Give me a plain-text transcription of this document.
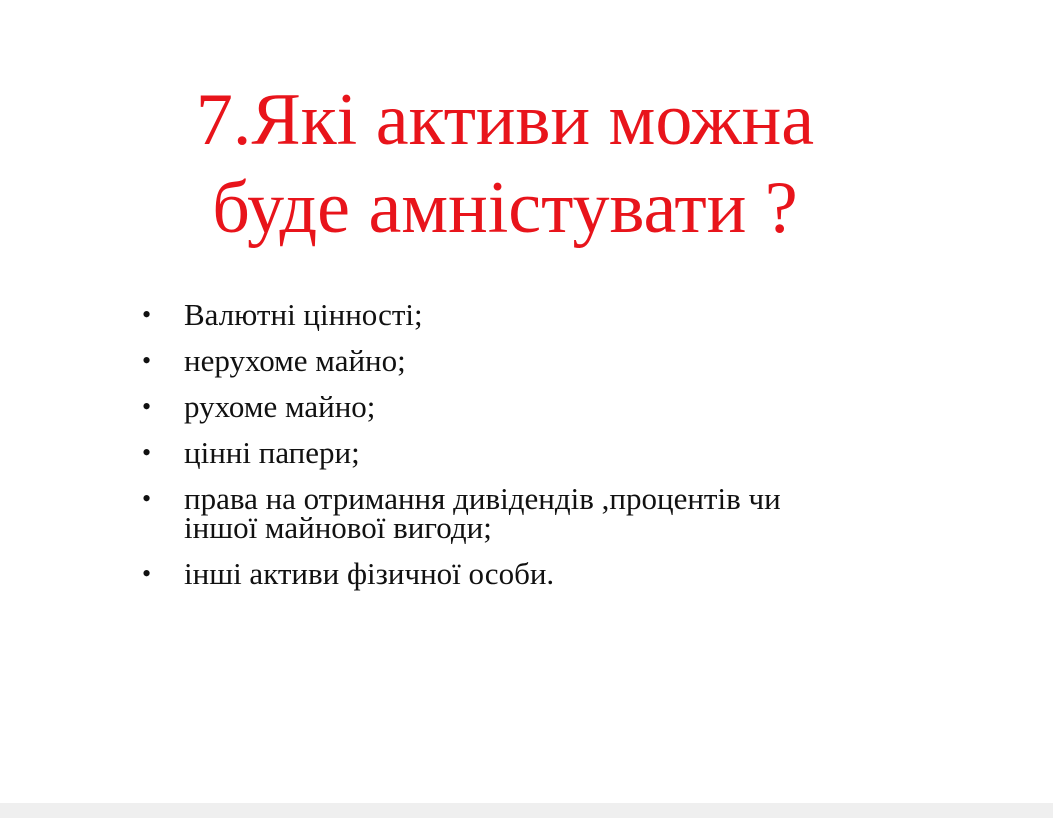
7.Які активи можна
буде амністувати ?
• Валютні цінності;
• нерухоме майно;
• рухоме майно;
• цінні папери;
• права на отримання дивідендів ,процентів чи
іншої майнової вигоди;
• інші активи фізичної особи.
